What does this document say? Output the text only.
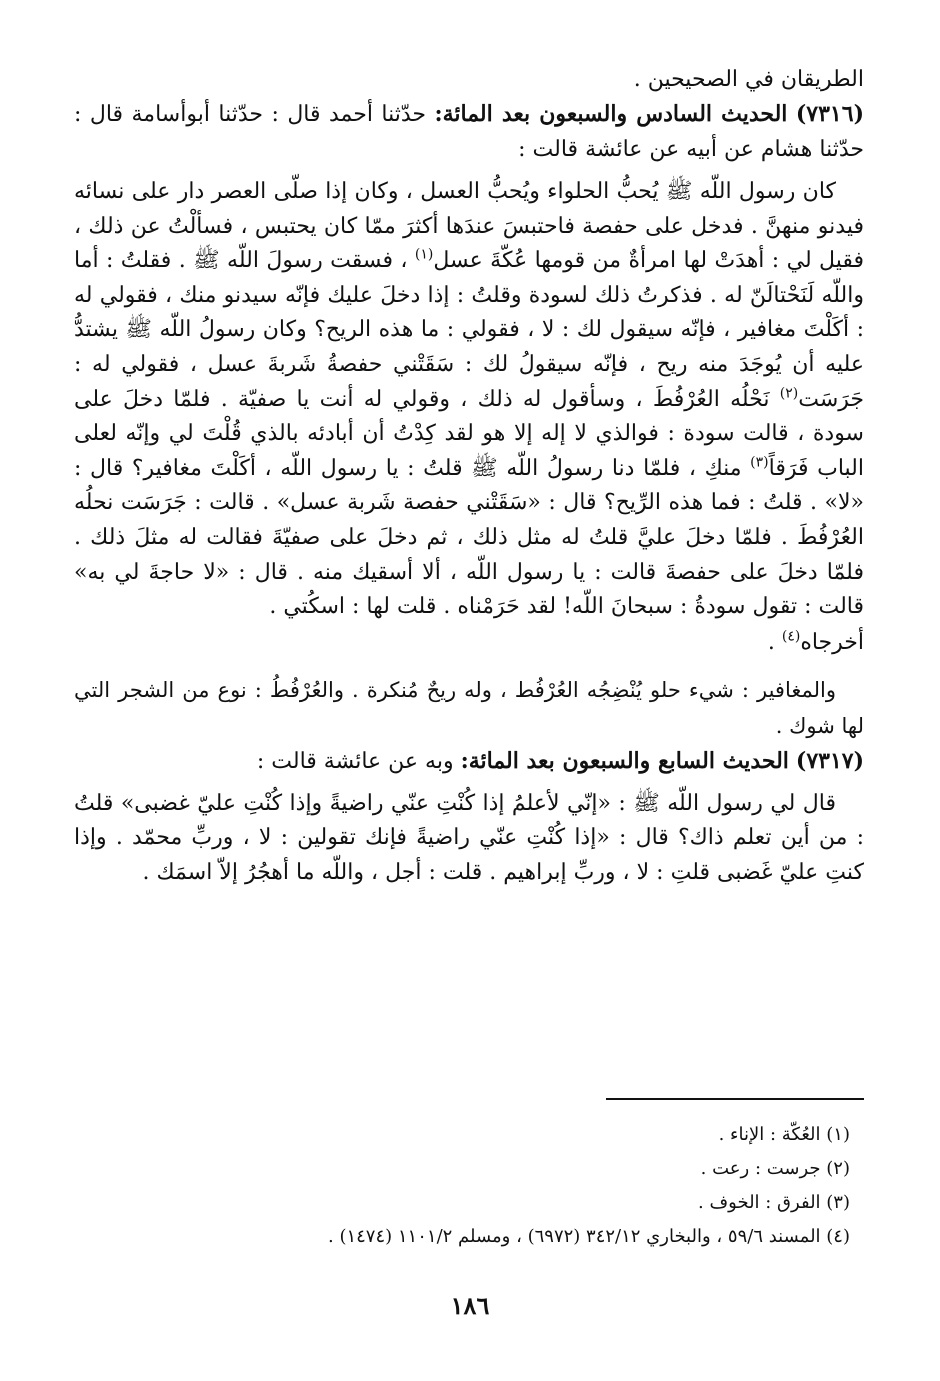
الطريقان في الصحيحين .

(٧٣١٦) الحديث السادس والسبعون بعد المائة: حدّثنا أحمد قال : حدّثنا أبوأسامة قال : حدّثنا هشام عن أبيه عن عائشة قالت :

كان رسول اللّه ﷺ يُحبُّ الحلواء ويُحبُّ العسل ، وكان إذا صلّى العصر دار على نسائه فيدنو منهنَّ . فدخل على حفصة فاحتبسَ عندَها أكثرَ ممّا كان يحتبس ، فسألْتُ عن ذلك ، فقيل لي : أهدَتْ لها امرأةٌ من قومها عُكّةَ عسل$^{(١)}$ ، فسقت رسولَ اللّه ﷺ . فقلتُ : أما واللّه لَنَحْتالَنّ له . فذكرتُ ذلك لسودة وقلتُ : إذا دخلَ عليك فإنّه سيدنو منك ، فقولي له : أكَلْتَ مغافير ، فإنّه سيقول لك : لا ، فقولي : ما هذه الريح؟ وكان رسولُ اللّه ﷺ يشتدُّ عليه أن يُوجَدَ منه ريح ، فإنّه سيقولُ لك : سَقَتْني حفصةُ شَربةَ عسل ، فقولي له : جَرَسَت$^{(٢)}$ نَحْلُه العُرْفُطَ ، وسأقول له ذلك ، وقولي له أنت يا صفيّة . فلمّا دخلَ على سودة ، قالت سودة : فوالذي لا إله إلا هو لقد كِدْتُ أن أبادئه بالذي قُلْتَ لي وإنّه لعلى الباب فَرَقاً$^{(٣)}$ منكِ ، فلمّا دنا رسولُ اللّه ﷺ قلتُ : يا رسول اللّه ، أكَلْتَ مغافير؟ قال : «لا» . قلتُ : فما هذه الرِّيح؟ قال : «سَقَتْني حفصة شَربة عسل» . قالت : جَرَسَت نحلُه العُرْفُطَ . فلمّا دخلَ عليَّ قلتُ له مثل ذلك ، ثم دخلَ على صفيّةَ فقالت له مثلَ ذلك . فلمّا دخلَ على حفصةَ قالت : يا رسول اللّه ، ألا أسقيك منه . قال : «لا حاجةَ لي به» قالت : تقول سودةُ : سبحانَ اللّه! لقد حَرَمْناه . قلت لها : اسكُتي .

أخرجاه$^{(٤)}$ .

والمغافير : شيء حلو يُنْضِجُه العُرْفُط ، وله ريحٌ مُنكرة . والعُرْفُطُ : نوع من الشجر التي لها شوك .

(٧٣١٧) الحديث السابع والسبعون بعد المائة: وبه عن عائشة قالت :

قال لي رسول اللّه ﷺ : «إنّي لأعلمُ إذا كُنْتِ عنّي راضيةً وإذا كُنْتِ عليّ غضبى» قلتُ : من أين تعلم ذاك؟ قال : «إذا كُنْتِ عنّي راضيةً فإنك تقولين : لا ، وربِّ محمّد . وإذا كنتِ عليّ غَضبى قلتِ : لا ، وربِّ إبراهيم . قلت : أجل ، واللّه ما أهجُرُ إلاّ اسمَك .

(١) العُكّة : الإناء .
(٢) جرست : رعت .
(٣) الفرق : الخوف .
(٤) المسند ٥٩/٦ ، والبخاري ٣٤٢/١٢ (٦٩٧٢) ، ومسلم ١١٠١/٢ (١٤٧٤) .
١٨٦
